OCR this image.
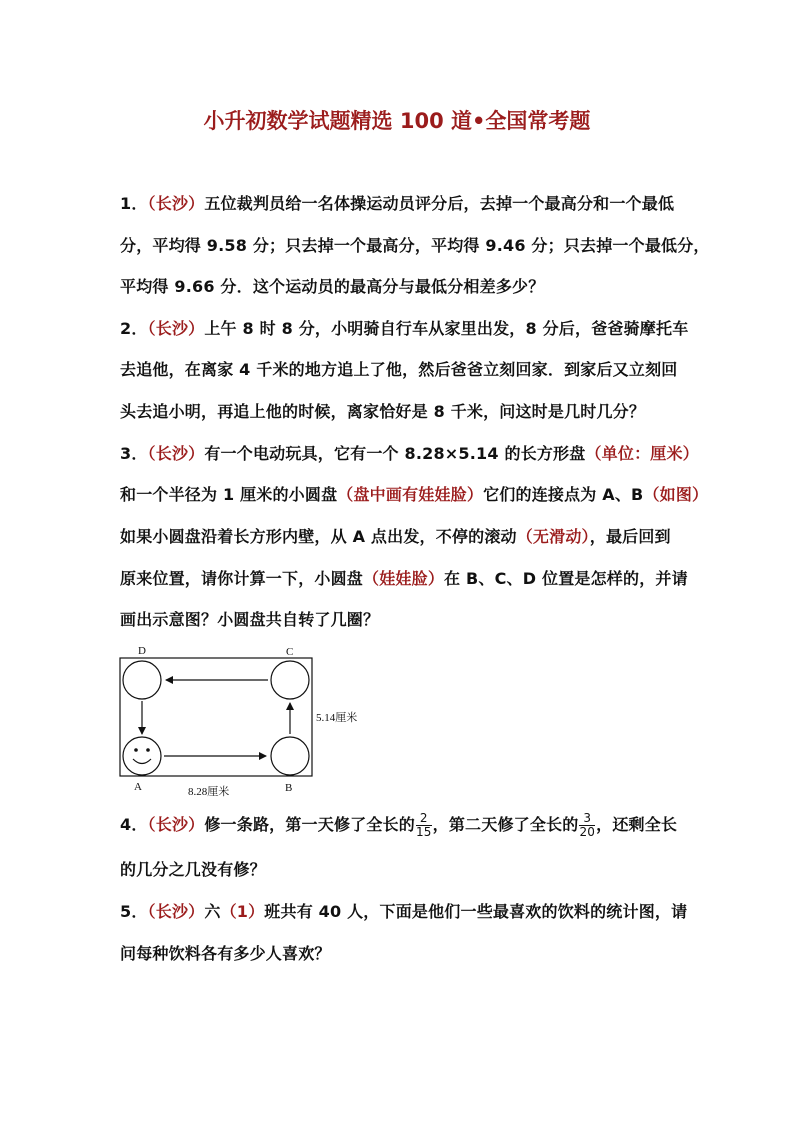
小升初数学试题精选 100 道•全国常考题
1．（长沙）五位裁判员给一名体操运动员评分后，去掉一个最高分和一个最低
分，平均得 9.58 分；只去掉一个最高分，平均得 9.46 分；只去掉一个最低分，
平均得 9.66 分．这个运动员的最高分与最低分相差多少？
2．（长沙）上午 8 时 8 分，小明骑自行车从家里出发，8 分后，爸爸骑摩托车
去追他，在离家 4 千米的地方追上了他，然后爸爸立刻回家．到家后又立刻回
头去追小明，再追上他的时候，离家恰好是 8 千米，问这时是几时几分？
3．（长沙）有一个电动玩具，它有一个 8.28×5.14 的长方形盘（单位：厘米）
和一个半径为 1 厘米的小圆盘（盘中画有娃娃脸）它们的连接点为 A、B（如图）
如果小圆盘沿着长方形内壁，从 A 点出发，不停的滚动（无滑动），最后回到
原来位置，请你计算一下，小圆盘（娃娃脸）在 B、C、D 位置是怎样的，并请
画出示意图？小圆盘共自转了几圈？
D	C
A	B
8.28厘米
5.14厘米
4．（长沙）修一条路，第一天修了全长的 $\frac{2}{15}$ ，第二天修了全长的 $\frac{3}{20}$ ，还剩全长
的几分之几没有修？
5．（长沙）六（1）班共有 40 人，下面是他们一些最喜欢的饮料的统计图，请
问每种饮料各有多少人喜欢？
